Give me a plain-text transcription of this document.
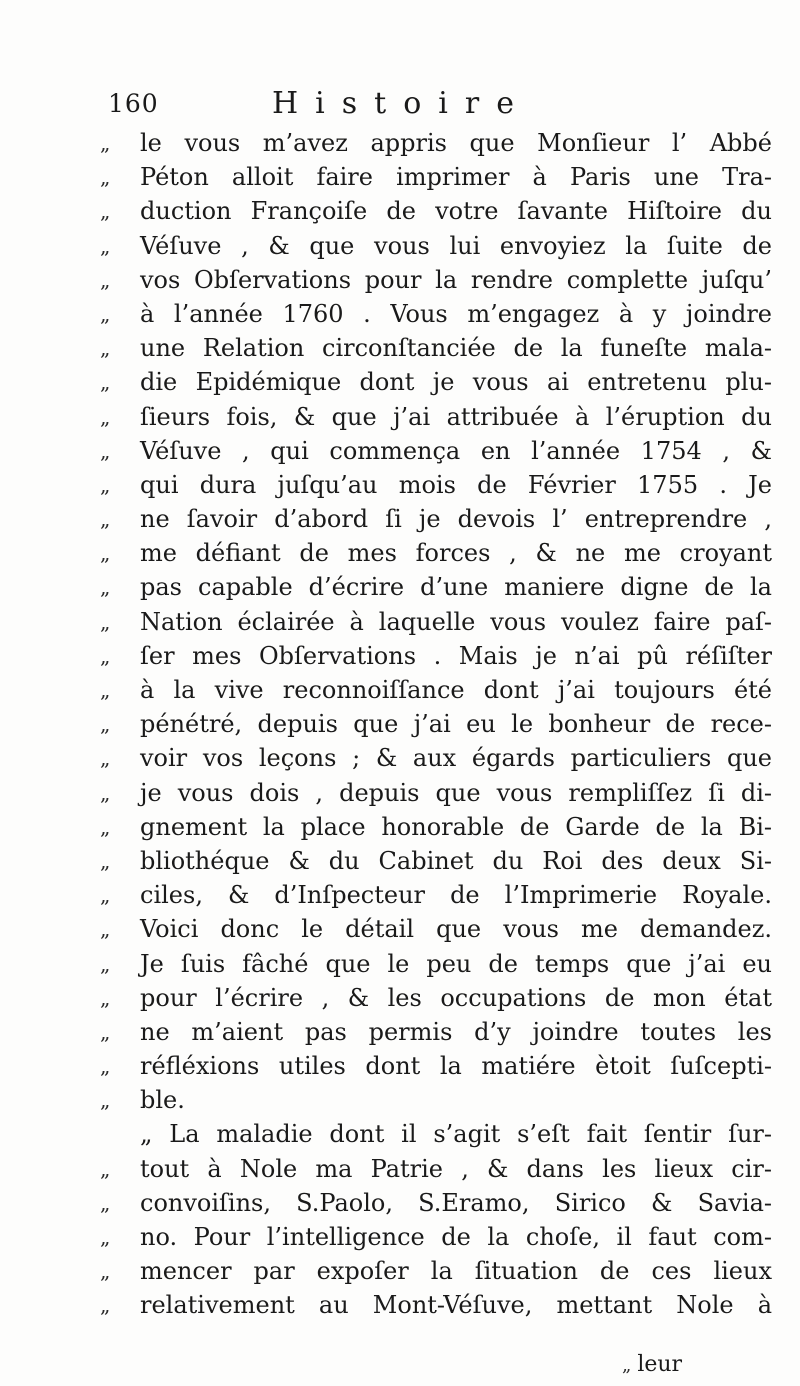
160	Histoire
„	le vous m’avez appris que Monſieur l’ Abbé
„	Péton alloit faire imprimer à Paris une Tra-
„	duction Françoiſe de votre ſavante Hiſtoire du
„	Véſuve , & que vous lui envoyiez la ſuite de
„	vos Obſervations pour la rendre complette juſqu’
„	à l’année 1760 . Vous m’engagez à y joindre
„	une Relation circonſtanciée de la funeſte mala-
„	die Epidémique dont je vous ai entretenu plu-
„	ſieurs fois, & que j’ai attribuée à l’éruption du
„	Véſuve , qui commença en l’année 1754 , &
„	qui dura juſqu’au mois de Février 1755 . Je
„	ne ſavoir d’abord ſi je devois l’ entreprendre ,
„	me défiant de mes forces , & ne me croyant
„	pas capable d’écrire d’une maniere digne de la
„	Nation éclairée à laquelle vous voulez faire paſ-
„	ſer mes Obſervations . Mais je n’ai pû réſiſter
„	à la vive reconnoiſſance dont j’ai toujours été
„	pénétré, depuis que j’ai eu le bonheur de rece-
„	voir vos leçons ; & aux égards particuliers que
„	je vous dois , depuis que vous rempliſſez ſi di-
„	gnement la place honorable de Garde de la Bi-
„	bliothéque & du Cabinet du Roi des deux Si-
„	ciles, & d’Inſpecteur de l’Imprimerie Royale.
„	Voici donc le détail que vous me demandez.
„	Je ſuis fâché que le peu de temps que j’ai eu
„	pour l’écrire , & les occupations de mon état
„	ne m’aient pas permis d’y joindre toutes les
„	réfléxions utiles dont la matiére ètoit ſuſcepti-
„	ble.
„ La maladie dont il s’agit s’eſt fait ſentir ſur-
„	tout à Nole ma Patrie , & dans les lieux cir-
„	convoiſins, S.Paolo, S.Eramo, Sirico & Savia-
„	no. Pour l’intelligence de la choſe, il faut com-
„	mencer par expoſer la ſituation de ces lieux
„	relativement au Mont-Véſuve, mettant Nole à
„ leur
